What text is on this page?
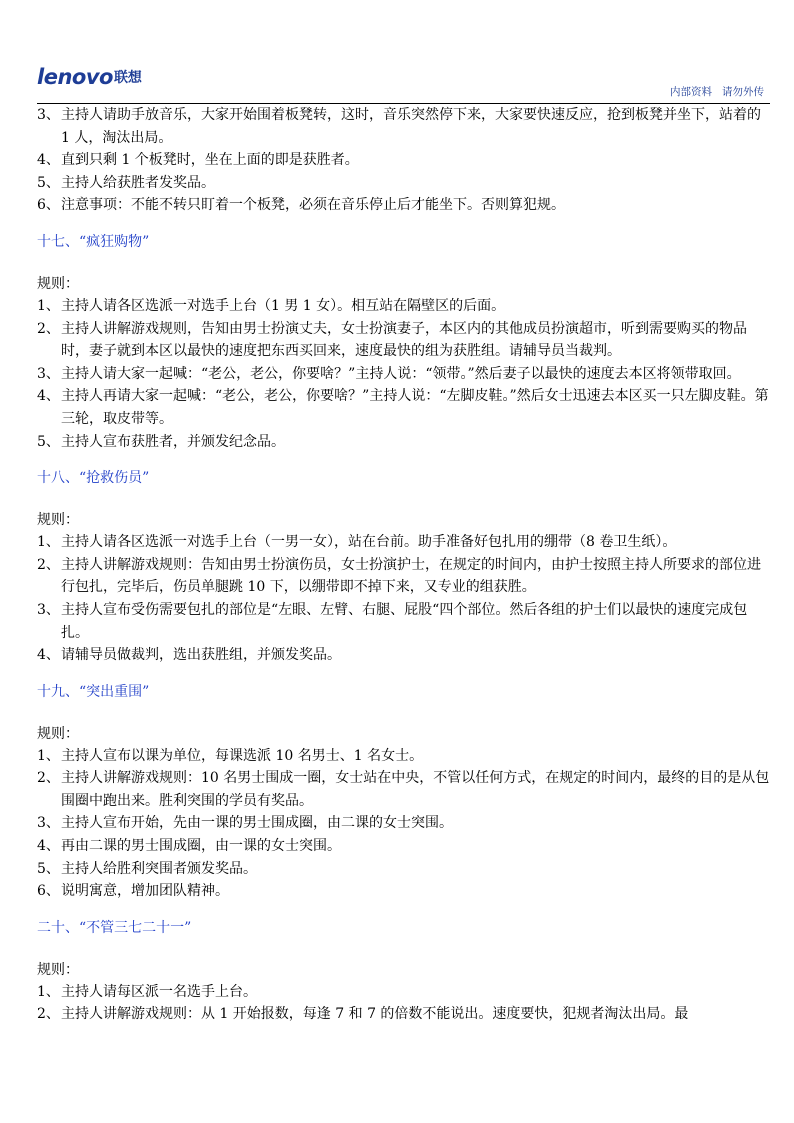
lenovo 联想
内部资料 请勿外传
3、主持人请助手放音乐，大家开始围着板凳转，这时，音乐突然停下来，大家要快速反应，抢到板凳并坐下，站着的 1 人，淘汰出局。
4、直到只剩 1 个板凳时，坐在上面的即是获胜者。
5、主持人给获胜者发奖品。
6、注意事项：不能不转只盯着一个板凳，必须在音乐停止后才能坐下。否则算犯规。
十七、“疯狂购物”
规则：
1、主持人请各区选派一对选手上台（1 男 1 女）。相互站在隔壁区的后面。
2、主持人讲解游戏规则，告知由男士扮演丈夫，女士扮演妻子，本区内的其他成员扮演超市，听到需要购买的物品时，妻子就到本区以最快的速度把东西买回来，速度最快的组为获胜组。请辅导员当裁判。
3、主持人请大家一起喊：“老公，老公，你要啥？”主持人说：“领带。”然后妻子以最快的速度去本区将领带取回。
4、主持人再请大家一起喊：“老公，老公，你要啥？”主持人说：“左脚皮鞋。”然后女士迅速去本区买一只左脚皮鞋。第三轮，取皮带等。
5、主持人宣布获胜者，并颁发纪念品。
十八、“抢救伤员”
规则：
1、主持人请各区选派一对选手上台（一男一女），站在台前。助手准备好包扎用的绷带（8 卷卫生纸）。
2、主持人讲解游戏规则：告知由男士扮演伤员，女士扮演护士，在规定的时间内，由护士按照主持人所要求的部位进行包扎，完毕后，伤员单腿跳 10 下，以绷带即不掉下来，又专业的组获胜。
3、主持人宣布受伤需要包扎的部位是“左眼、左臂、右腿、屁股“四个部位。然后各组的护士们以最快的速度完成包扎。
4、请辅导员做裁判，选出获胜组，并颁发奖品。
十九、“突出重围”
规则：
1、主持人宣布以课为单位，每课选派 10 名男士、1 名女士。
2、主持人讲解游戏规则：10 名男士围成一圈，女士站在中央，不管以任何方式，在规定的时间内，最终的目的是从包围圈中跑出来。胜利突围的学员有奖品。
3、主持人宣布开始，先由一课的男士围成圈，由二课的女士突围。
4、再由二课的男士围成圈，由一课的女士突围。
5、主持人给胜利突围者颁发奖品。
6、说明寓意，增加团队精神。
二十、“不管三七二十一”
规则：
1、主持人请每区派一名选手上台。
2、主持人讲解游戏规则：从 1 开始报数，每逢 7 和 7 的倍数不能说出。速度要快，犯规者淘汰出局。最
